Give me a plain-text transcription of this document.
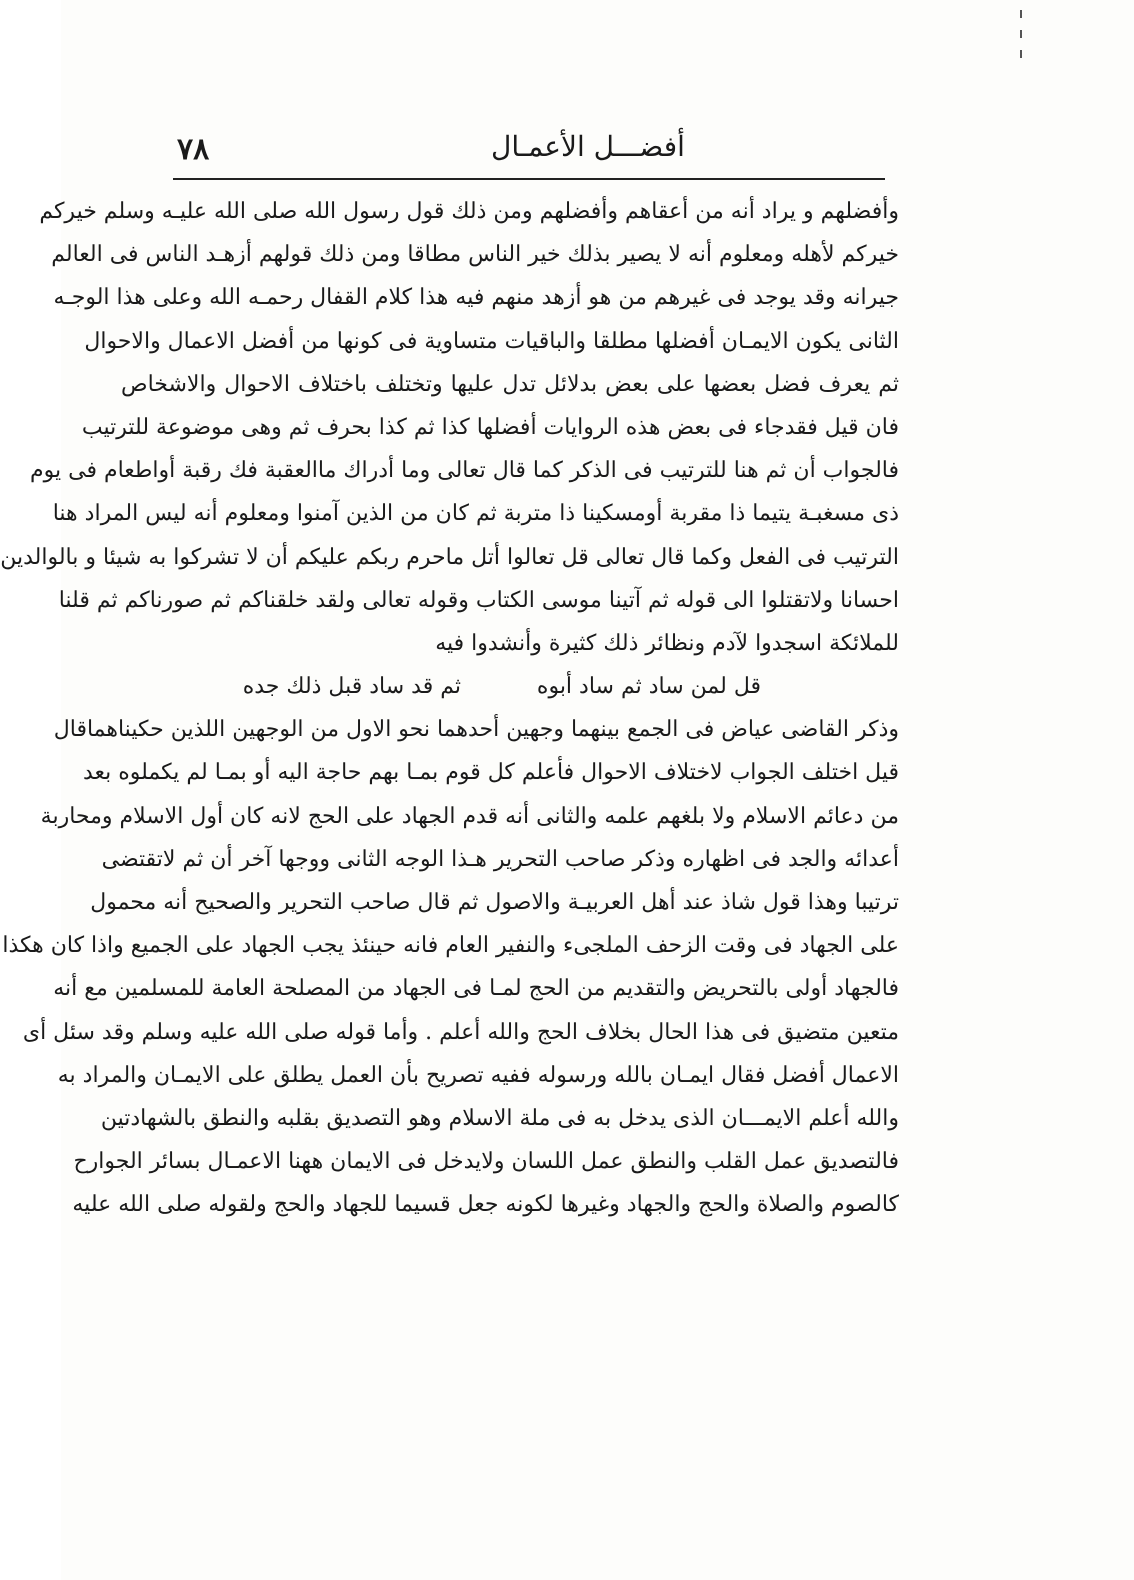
٧٨	أفضـــل الأعمـال
وأفضلهم و يراد أنه من أعقاهم وأفضلهم ومن ذلك قول رسول الله صلى الله عليـه وسلم خيركم
خيركم لأهله ومعلوم أنه لا يصير بذلك خير الناس مطاقا ومن ذلك قولهم أزهـد الناس فى العالم
جيرانه وقد يوجد فى غيرهم من هو أزهد منهم فيه هذا كلام القفال رحمـه الله وعلى هذا الوجـه
الثانى يكون الايمـان أفضلها مطلقا والباقيات متساوية فى كونها من أفضل الاعمال والاحوال
ثم يعرف فضل بعضها على بعض بدلائل تدل عليها وتختلف باختلاف الاحوال والاشخاص
فان قيل فقدجاء فى بعض هذه الروايات أفضلها كذا ثم كذا بحرف ثم وهى موضوعة للترتيب
فالجواب أن ثم هنا للترتيب فى الذكر كما قال تعالى وما أدراك ماالعقبة فك رقبة أواطعام فى يوم
ذى مسغبـة يتيما ذا مقربة أومسكينا ذا متربة ثم كان من الذين آمنوا ومعلوم أنه ليس المراد هنا
الترتيب فى الفعل وكما قال تعالى قل تعالوا أتل ماحرم ربكم عليكم أن لا تشركوا به شيئا و بالوالدين
احسانا ولاتقتلوا الى قوله ثم آتينا موسى الكتاب وقوله تعالى ولقد خلقناكم ثم صورناكم ثم قلنا
للملائكة اسجدوا لآدم ونظائر ذلك كثيرة وأنشدوا فيه
قل لمن ساد ثم ساد أبوه
ثم قد ساد قبل ذلك جده
وذكر القاضى عياض فى الجمع بينهما وجهين أحدهما نحو الاول من الوجهين اللذين حكيناهماقال
قيل اختلف الجواب لاختلاف الاحوال فأعلم كل قوم بمـا بهم حاجة اليه أو بمـا لم يكملوه بعد
من دعائم الاسلام ولا بلغهم علمه والثانى أنه قدم الجهاد على الحج لانه كان أول الاسلام ومحاربة
أعدائه والجد فى اظهاره وذكر صاحب التحرير هـذا الوجه الثانى ووجها آخر أن ثم لاتقتضى
ترتيبا وهذا قول شاذ عند أهل العربيـة والاصول ثم قال صاحب التحرير والصحيح أنه محمول
على الجهاد فى وقت الزحف الملجىء والنفير العام فانه حينئذ يجب الجهاد على الجميع واذا كان هكذا
فالجهاد أولى بالتحريض والتقديم من الحج لمـا فى الجهاد من المصلحة العامة للمسلمين مع أنه
متعين متضيق فى هذا الحال بخلاف الحج والله أعلم . وأما قوله صلى الله عليه وسلم وقد سئل أى
الاعمال أفضل فقال ايمـان بالله ورسوله ففيه تصريح بأن العمل يطلق على الايمـان والمراد به
والله أعلم الايمـــان الذى يدخل به فى ملة الاسلام وهو التصديق بقلبه والنطق بالشهادتين
فالتصديق عمل القلب والنطق عمل اللسان ولايدخل فى الايمان ههنا الاعمـال بسائر الجوارح
كالصوم والصلاة والحج والجهاد وغيرها لكونه جعل قسيما للجهاد والحج ولقوله صلى الله عليه
